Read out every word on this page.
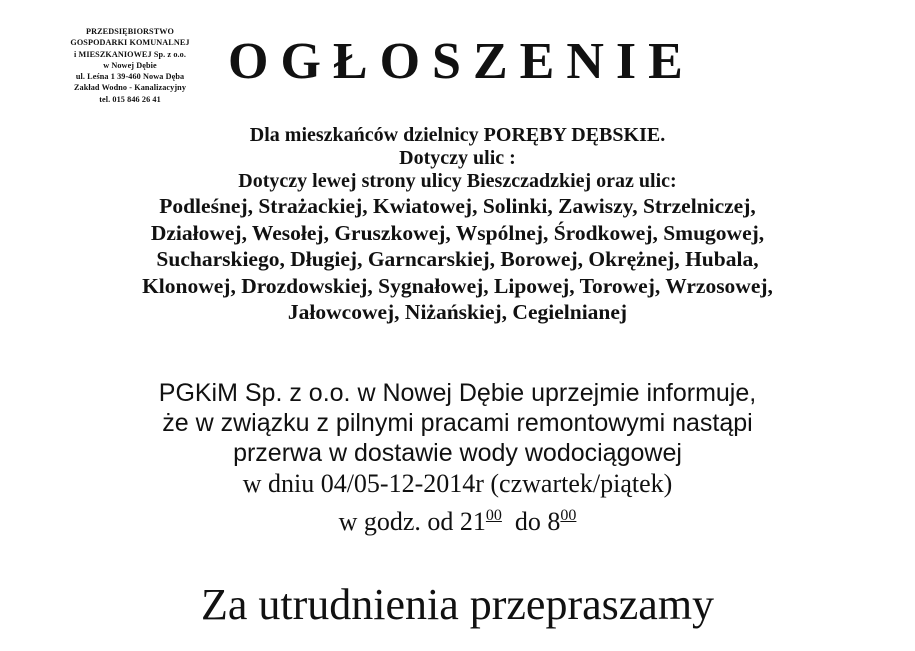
PRZEDSIĘBIORSTWO
GOSPODARKI KOMUNALNEJ
i MIESZKANIOWEJ Sp. z o.o.
w Nowej Dębie
ul. Leśna 1 39-460 Nowa Dęba
Zakład Wodno - Kanalizacyjny
tel. 015 846 26 41
OGŁOSZENIE
Dla mieszkańców dzielnicy PORĘBY DĘBSKIE.
Dotyczy ulic :
Dotyczy lewej strony ulicy Bieszczadzkiej oraz ulic:
Podleśnej, Strażackiej, Kwiatowej, Solinki, Zawiszy, Strzelniczej,
Działowej, Wesołej, Gruszkowej, Wspólnej, Środkowej, Smugowej,
Sucharskiego, Długiej, Garncarskiej, Borowej, Okrężnej, Hubala,
Klonowej, Drozdowskiej, Sygnałowej, Lipowej, Torowej, Wrzosowej,
Jałowcowej, Niżańskiej, Cegielnianej
PGKiM Sp. z o.o. w Nowej Dębie uprzejmie informuje,
że w związku z pilnymi pracami remontowymi nastąpi
przerwa w dostawie wody wodociągowej
w dniu 04/05-12-2014r (czwartek/piątek)
w godz. od $21^{00}$  do $8^{00}$
Za utrudnienia przepraszamy
